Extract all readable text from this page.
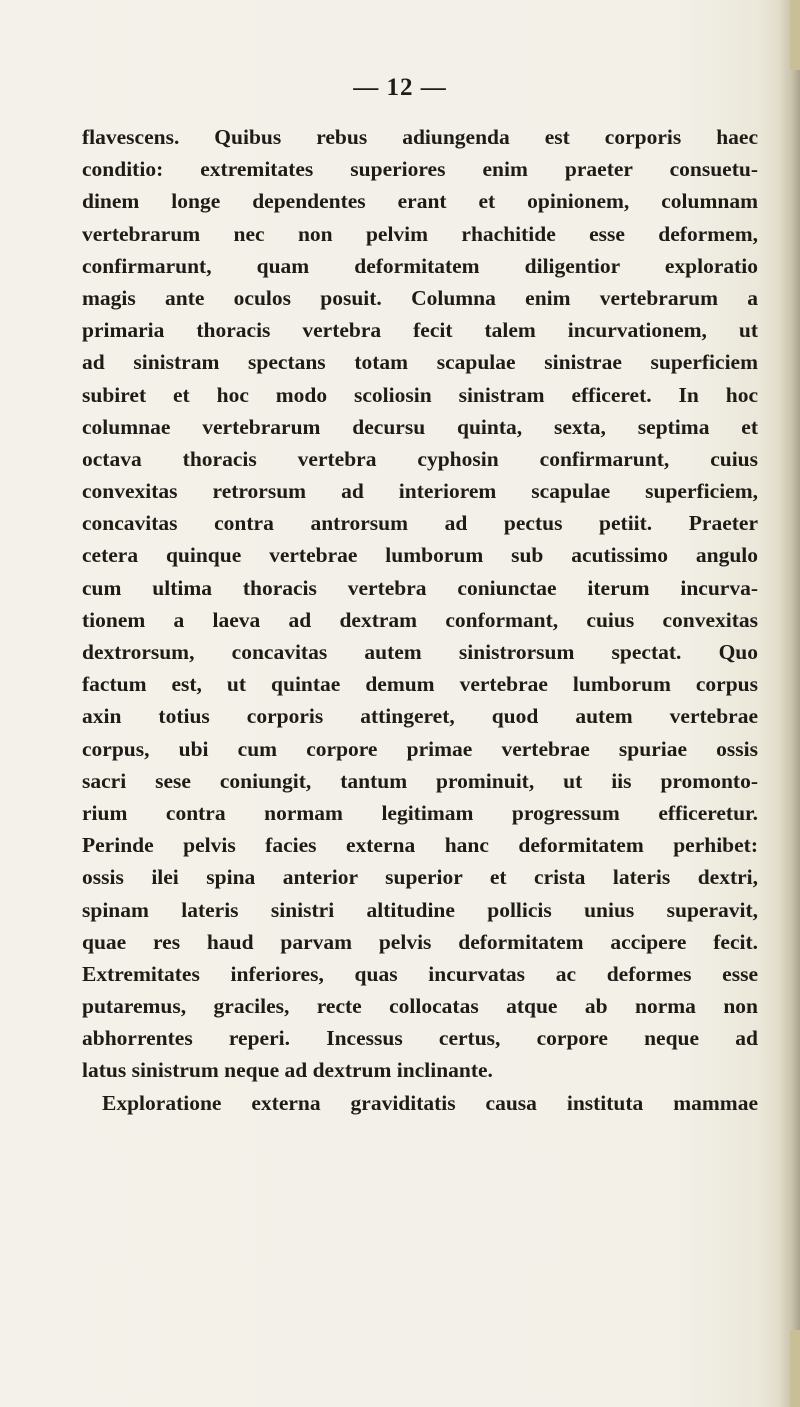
— 12 —
flavescens. Quibus rebus adiungenda est corporis haec
conditio: extremitates superiores enim praeter consuetu-
dinem longe dependentes erant et opinionem, columnam
vertebrarum nec non pelvim rhachitide esse deformem,
confirmarunt, quam deformitatem diligentior exploratio
magis ante oculos posuit. Columna enim vertebrarum a
primaria thoracis vertebra fecit talem incurvationem, ut
ad sinistram spectans totam scapulae sinistrae superficiem
subiret et hoc modo scoliosin sinistram efficeret. In hoc
columnae vertebrarum decursu quinta, sexta, septima et
octava thoracis vertebra cyphosin confirmarunt, cuius
convexitas retrorsum ad interiorem scapulae superficiem,
concavitas contra antrorsum ad pectus petiit. Praeter
cetera quinque vertebrae lumborum sub acutissimo angulo
cum ultima thoracis vertebra coniunctae iterum incurva-
tionem a laeva ad dextram conformant, cuius convexitas
dextrorsum, concavitas autem sinistrorsum spectat. Quo
factum est, ut quintae demum vertebrae lumborum corpus
axin totius corporis attingeret, quod autem vertebrae
corpus, ubi cum corpore primae vertebrae spuriae ossis
sacri sese coniungit, tantum prominuit, ut iis promonto-
rium contra normam legitimam progressum efficeretur.
Perinde pelvis facies externa hanc deformitatem perhibet:
ossis ilei spina anterior superior et crista lateris dextri,
spinam lateris sinistri altitudine pollicis unius superavit,
quae res haud parvam pelvis deformitatem accipere fecit.
Extremitates inferiores, quas incurvatas ac deformes esse
putaremus, graciles, recte collocatas atque ab norma non
abhorrentes reperi. Incessus certus, corpore neque ad
latus sinistrum neque ad dextrum inclinante.
Exploratione externa graviditatis causa instituta mammae
